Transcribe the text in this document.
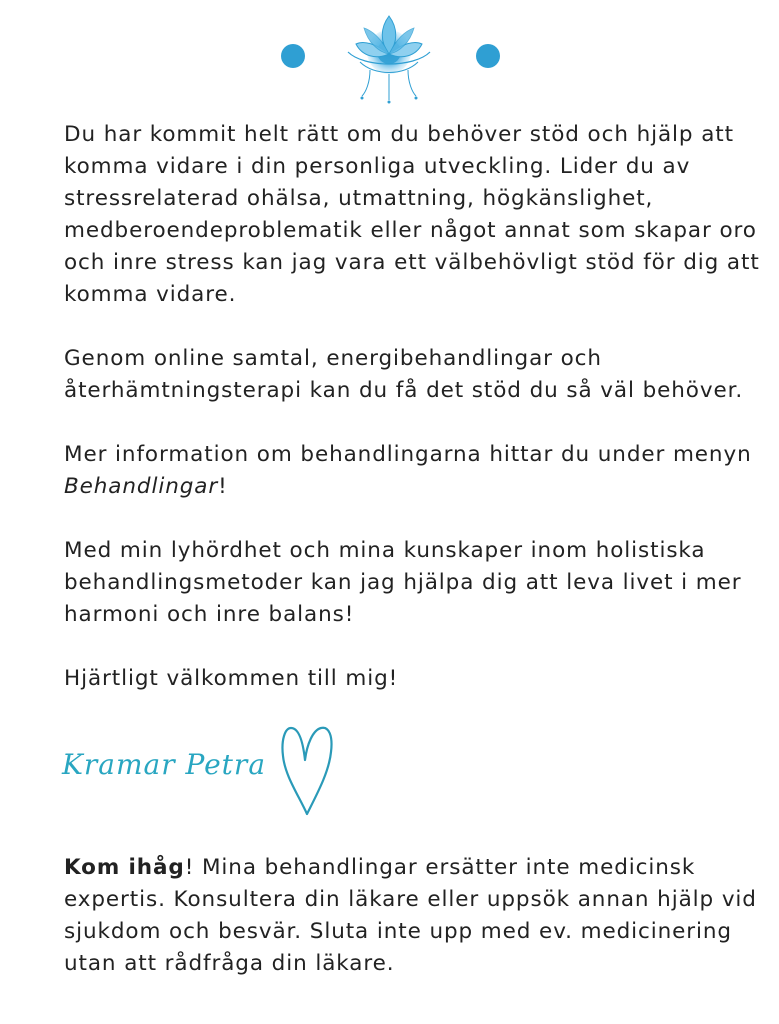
Du har kommit helt rätt om du behöver stöd och hjälp att
komma vidare i din personliga utveckling. Lider du av
stressrelaterad ohälsa, utmattning, högkänslighet,
medberoendeproblematik eller något annat som skapar oro
och inre stress kan jag vara ett välbehövligt stöd för dig att
komma vidare.

Genom online samtal, energibehandlingar och
återhämtningsterapi kan du få det stöd du så väl behöver.

Mer information om behandlingarna hittar du under menyn
Behandlingar!

Med min lyhördhet och mina kunskaper inom holistiska
behandlingsmetoder kan jag hjälpa dig att leva livet i mer
harmoni och inre balans!

Hjärtligt välkommen till mig!

Kramar Petra
Kom ihåg! Mina behandlingar ersätter inte medicinsk
expertis. Konsultera din läkare eller uppsök annan hjälp vid
sjukdom och besvär. Sluta inte upp med ev. medicinering
utan att rådfråga din läkare.
